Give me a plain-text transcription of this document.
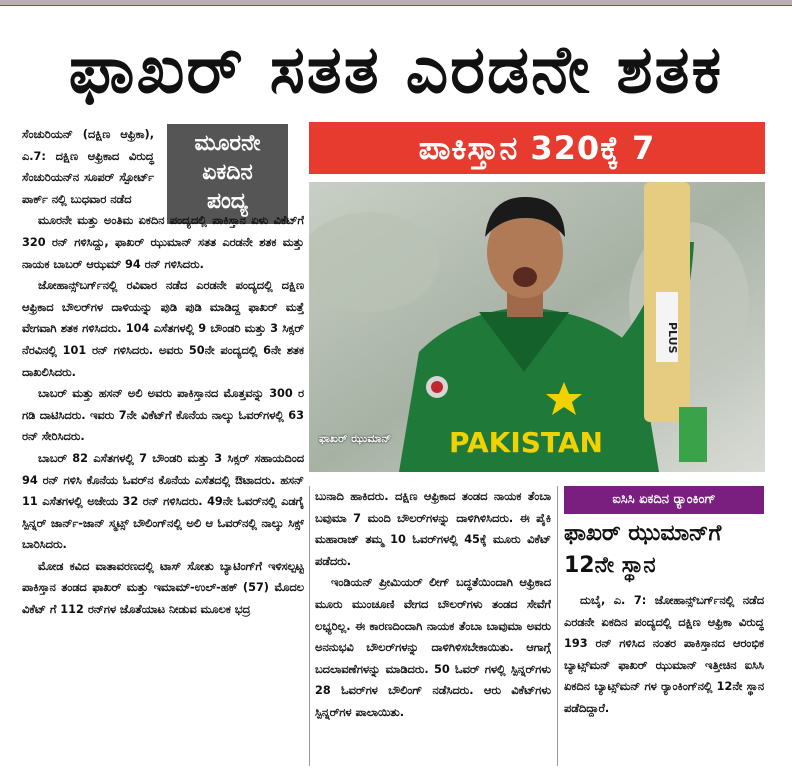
ಫಾಖರ್ ಸತತ ಎರಡನೇ ಶತಕ
ಮೂರನೇ
ಏಕದಿನ
ಪಂದ್ಯ

ಸೆಂಚುರಿಯನ್ (ದಕ್ಷಿಣ ಆಫ್ರಿಕಾ), ಎ.7: ದಕ್ಷಿಣ ಆಫ್ರಿಕಾದ ವಿರುದ್ಧ ಸೆಂಚುರಿಯನ್‌ನ ಸೂಪರ್ ಸ್ಪೋರ್ಟ್ ಪಾರ್ಕ್ ನಲ್ಲಿ ಬುಧವಾರ ನಡೆದ

ಮೂರನೇ ಮತ್ತು ಅಂತಿಮ ಏಕದಿನ ಪಂದ್ಯದಲ್ಲಿ ಪಾಕಿಸ್ತಾನ ಏಳು ವಿಕೆಟ್‌ಗೆ 320 ರನ್ ಗಳಿಸಿದ್ದು, ಫಾಖರ್ ಝುಮಾನ್ ಸತತ ಎರಡನೇ ಶತಕ ಮತ್ತು ನಾಯಕ ಬಾಬರ್ ಆಝಮ್ 94 ರನ್ ಗಳಿಸಿದರು.

ಜೋಹಾನ್ಸ್‌ಬರ್ಗ್‌ನಲ್ಲಿ ರವಿವಾರ ನಡೆದ ಎರಡನೇ ಪಂದ್ಯದಲ್ಲಿ ದಕ್ಷಿಣ ಆಫ್ರಿಕಾದ ಬೌಲರ್‌ಗಳ ದಾಳಿಯನ್ನು ಪುಡಿ ಪುಡಿ ಮಾಡಿದ್ದ ಫಾಖರ್ ಮತ್ತೆ ವೇಗವಾಗಿ ಶತಕ ಗಳಿಸಿದರು. 104 ಎಸೆತಗಳಲ್ಲಿ 9 ಬೌಂಡರಿ ಮತ್ತು 3 ಸಿಕ್ಸರ್ ನೆರವಿನಲ್ಲಿ 101 ರನ್ ಗಳಿಸಿದರು. ಅವರು 50ನೇ ಪಂದ್ಯದಲ್ಲಿ 6ನೇ ಶತಕ ದಾಖಲಿಸಿದರು.

ಬಾಬರ್ ಮತ್ತು ಹಸನ್ ಅಲಿ ಅವರು ಪಾಕಿಸ್ತಾನದ ಮೊತ್ತವನ್ನು 300 ರ ಗಡಿ ದಾಟಿಸಿದರು. ಇವರು 7ನೇ ವಿಕೆಟ್‌ಗೆ ಕೊನೆಯ ನಾಲ್ಕು ಓವರ್‌ಗಳಲ್ಲಿ 63 ರನ್ ಸೇರಿಸಿದರು.

ಬಾಬರ್ 82 ಎಸೆತಗಳಲ್ಲಿ 7 ಬೌಂಡರಿ ಮತ್ತು 3 ಸಿಕ್ಸರ್ ಸಹಾಯದಿಂದ 94 ರನ್ ಗಳಿಸಿ ಕೊನೆಯ ಓವರ್‌ನ ಕೊನೆಯ ಎಸೆತದಲ್ಲಿ ಔಟಾದರು. ಹಸನ್ 11 ಎಸೆತಗಳಲ್ಲಿ ಅಜೇಯ 32 ರನ್ ಗಳಿಸಿದರು. 49ನೇ ಓವರ್‌ನಲ್ಲಿ ಎಡಗೈ ಸ್ಪಿನ್ನರ್ ಜಾರ್ನ್-ಜಾನ್ ಸ್ಮಟ್ಸ್ ಬೌಲಿಂಗ್‌ನಲ್ಲಿ ಅಲಿ ಆ ಓವರ್‌ನಲ್ಲಿ ನಾಲ್ಕು ಸಿಕ್ಸ್ ಬಾರಿಸಿದರು.

ಮೋಡ ಕವಿದ ವಾತಾವರಣದಲ್ಲಿ ಟಾಸ್ ಸೋತು ಬ್ಯಾಟಿಂಗ್‌ಗೆ ಇಳಿಸಲ್ಪಟ್ಟ ಪಾಕಿಸ್ತಾನ ತಂಡದ ಫಾಖರ್ ಮತ್ತು ಇಮಾಮ್-ಉಲ್-ಹಕ್ (57) ಮೊದಲ ವಿಕೆಟ್ ಗೆ 112 ರನ್‌ಗಳ ಜೊತೆಯಾಟ ನೀಡುವ ಮೂಲಕ ಭದ್ರ

ಪಾಕಿಸ್ತಾನ 320ಕ್ಕೆ 7
PLUS
PAKISTAN
ಫಾಖರ್ ಝುಮಾನ್

ಬುನಾದಿ ಹಾಕಿದರು. ದಕ್ಷಿಣ ಆಫ್ರಿಕಾದ ತಂಡದ ನಾಯಕ ತೆಂಬಾ ಬವುಮಾ 7 ಮಂದಿ ಬೌಲರ್‌ಗಳನ್ನು ದಾಳಿಗಿಳಿಸಿದರು. ಈ ಪೈಕಿ ಮಹಾರಾಜ್ ತಮ್ಮ 10 ಓವರ್‌ಗಳಲ್ಲಿ 45ಕ್ಕೆ ಮೂರು ವಿಕೆಟ್ ಪಡೆದರು.

ಇಂಡಿಯನ್ ಪ್ರೀಮಿಯರ್ ಲೀಗ್ ಬದ್ಧತೆಯಿಂದಾಗಿ ಆಫ್ರಿಕಾದ ಮೂರು ಮುಂಚೂಣಿ ವೇಗದ ಬೌಲರ್‌ಗಳು ತಂಡದ ಸೇವೆಗೆ ಲಭ್ಯರಿಲ್ಲ. ಈ ಕಾರಣದಿಂದಾಗಿ ನಾಯಕ ತೆಂಬಾ ಬಾವುಮಾ ಅವರು ಅನನುಭವಿ ಬೌಲರ್‌ಗಳನ್ನು ದಾಳಿಗಿಳಿಸಬೇಕಾಯಿತು. ಆಗಾಗ್ಗೆ ಬದಲಾವಣೆಗಳನ್ನು ಮಾಡಿದರು. 50 ಓವರ್ ಗಳಲ್ಲಿ ಸ್ಪಿನ್ನರ್‌ಗಳು 28 ಓವರ್‌ಗಳ ಬೌಲಿಂಗ್ ನಡೆಸಿದರು. ಆರು ವಿಕೆಟ್‌ಗಳು ಸ್ಪಿನ್ನರ್‌ಗಳ ಪಾಲಾಯಿತು.

ಐಸಿಸಿ ಏಕದಿನ ರ್‍ಯಾಂಕಿಂಗ್
ಫಾಖರ್ ಝುಮಾನ್‌ಗೆ 12ನೇ ಸ್ಥಾನ

ದುಬೈ, ಎ. 7: ಜೋಹಾನ್ಸ್‌ಬರ್ಗ್‌ನಲ್ಲಿ ನಡೆದ ಎರಡನೇ ಏಕದಿನ ಪಂದ್ಯದಲ್ಲಿ ದಕ್ಷಿಣ ಆಫ್ರಿಕಾ ವಿರುದ್ಧ 193 ರನ್ ಗಳಿಸಿದ ನಂತರ ಪಾಕಿಸ್ತಾನದ ಆರಂಭಿಕ ಬ್ಯಾಟ್ಸ್‌ಮನ್ ಫಾಖರ್ ಝುಮಾನ್ ಇತ್ತೀಚಿನ ಐಸಿಸಿ ಏಕದಿನ ಬ್ಯಾಟ್ಸ್‌ಮನ್ ಗಳ ರ್‍ಯಾಂಕಿಂಗ್‌ನಲ್ಲಿ 12ನೇ ಸ್ಥಾನ ಪಡೆದಿದ್ದಾರೆ.
